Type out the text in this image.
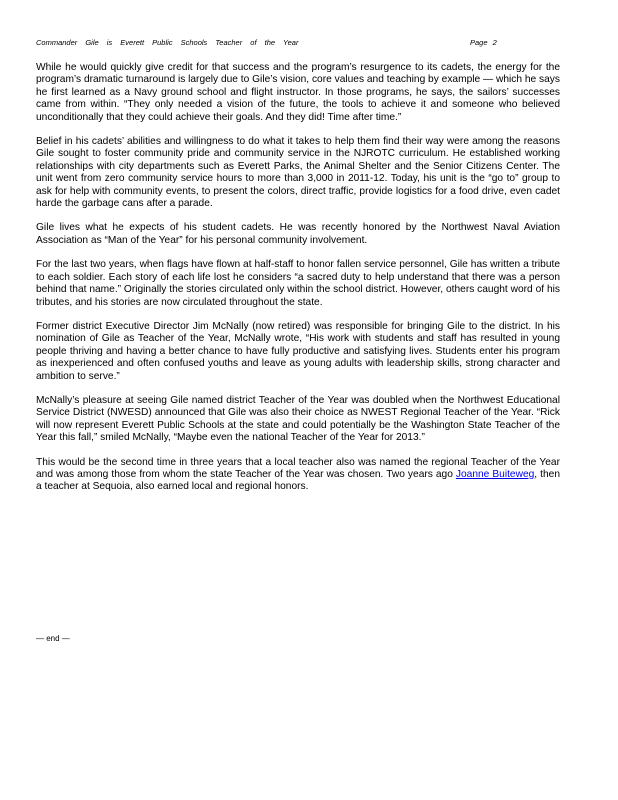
Commander Gile is Everett Public Schools Teacher of the Year	Page 2

While he would quickly give credit for that success and the program’s resurgence to its cadets, the energy for the program’s dramatic turnaround is largely due to Gile’s vision, core values and teaching by example — which he says he first learned as a Navy ground school and flight instructor. In those programs, he says, the sailors’ successes came from within. “They only needed a vision of the future, the tools to achieve it and someone who believed unconditionally that they could achieve their goals. And they did! Time after time.”

Belief in his cadets’ abilities and willingness to do what it takes to help them find their way were among the reasons Gile sought to foster community pride and community service in the NJROTC curriculum. He established working relationships with city departments such as Everett Parks, the Animal Shelter and the Senior Citizens Center. The unit went from zero community service hours to more than 3,000 in 2011-12. Today, his unit is the “go to” group to ask for help with community events, to present the colors, direct traffic, provide logistics for a food drive, even cadet harde the garbage cans after a parade.

Gile lives what he expects of his student cadets. He was recently honored by the Northwest Naval Aviation Association as “Man of the Year” for his personal community involvement.

For the last two years, when flags have flown at half-staff to honor fallen service personnel, Gile has written a tribute to each soldier. Each story of each life lost he considers “a sacred duty to help understand that there was a person behind that name.” Originally the stories circulated only within the school district. However, others caught word of his tributes, and his stories are now circulated throughout the state.

Former district Executive Director Jim McNally (now retired) was responsible for bringing Gile to the district. In his nomination of Gile as Teacher of the Year, McNally wrote, “His work with students and staff has resulted in young people thriving and having a better chance to have fully productive and satisfying lives. Students enter his program as inexperienced and often confused youths and leave as young adults with leadership skills, strong character and ambition to serve.”

McNally’s pleasure at seeing Gile named district Teacher of the Year was doubled when the Northwest Educational Service District (NWESD) announced that Gile was also their choice as NWEST Regional Teacher of the Year. “Rick will now represent Everett Public Schools at the state and could potentially be the Washington State Teacher of the Year this fall,” smiled McNally, “Maybe even the national Teacher of the Year for 2013.”

This would be the second time in three years that a local teacher also was named the regional Teacher of the Year and was among those from whom the state Teacher of the Year was chosen. Two years ago Joanne Buiteweg, then a teacher at Sequoia, also earned local and regional honors.

— end —
